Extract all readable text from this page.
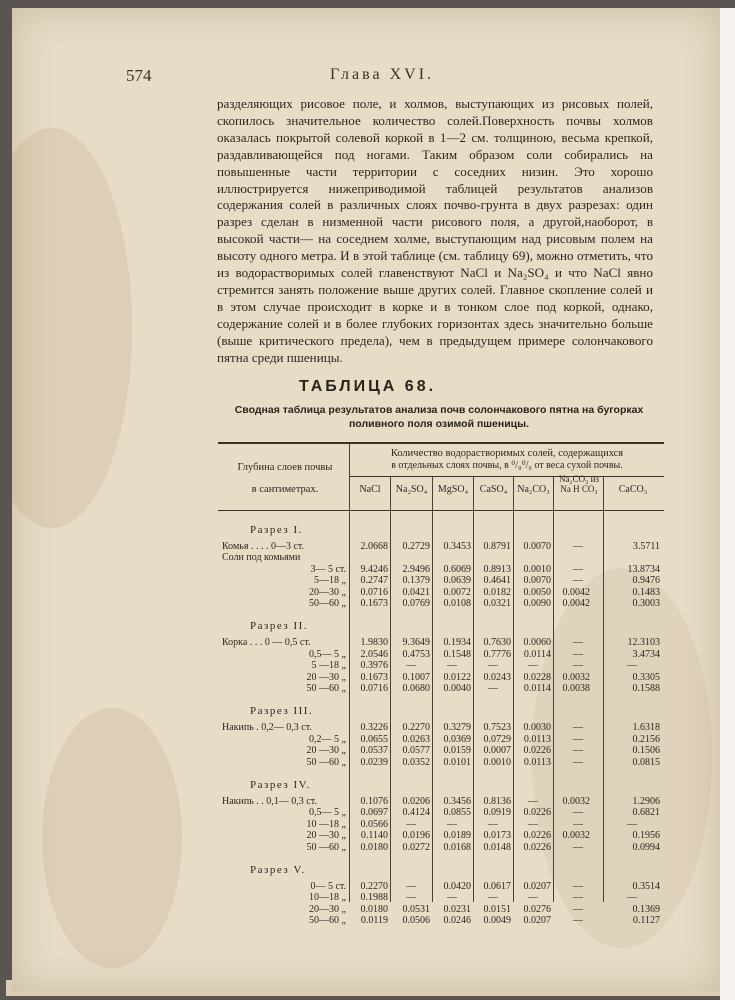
574	Глава XVI.

разделяющих рисовое поле, и холмов, выступающих из рисовых полей, скопилось значительное количество солей.Поверхность почвы холмов оказалась покрытой солевой коркой в 1—2 см. толщиною, весьма крепкой, раздавливающейся под ногами. Таким образом соли собирались на повышенные части территории с соседних низин. Это хорошо иллюстрируется нижеприводимой таблицей результатов анализов содержания солей в различных слоях почво-грунта в двух разрезах: один разрез сделан в низменной части рисового поля, а другой,наоборот, в высокой части— на соседнем холме, выступающим над рисовым полем на высоту одного метра. И в этой таблице (см. таблицу 69), можно отметить, что из водорастворимых солей главенствуют NaCl и Na₂SO₄ и что NaCl явно стремится занять положение выше других солей. Главное скопление солей и в этом случае происходит в корке и в тонком слое под коркой, однако, содержание солей и в более глубоких горизонтах здесь значительно больше (выше критического предела), чем в предыдущем примере солончакового пятна среди пшеницы.

ТАБЛИЦА 68.

Сводная таблица результатов анализа почв солончакового пятна на бугорках поливного поля озимой пшеницы.

Глубина слоев почвы
в сантиметрах.
Количество водорастворимых солей, содержащихся
в отдельных слоях почвы, в ⁰/₀⁰/₀ от веса сухой почвы.
NaCl	Na₂SO₄	MgSO₄	CaSO₄	Na₂CO₃
Na₂CO₃ из Na H CO₃	CaCO₃
Разрез I.
Комья . . . . 0—3 ст.	2.0668	0.2729	0.3453	0.8791	0.0070 —	3.5711
Соли под комьями
3— 5 ст.	9.4246	2.9496	0.6069	0.8913	0.0010 —	13.8734
5—18 „	0.2747	0.1379	0.0639	0.4641	0.0070 —	0.9476
20—30 „	0.0716	0.0421	0.0072	0.0182	0.0050	0.0042	0.1483
50—60 „	0.1673	0.0769	0.0108	0.0321	0.0090	0.0042	0.3003
Разрез II.
Корка . . . 0 — 0,5 ст.	1.9830	9.3649	0.1934	0.7630	0.0060 —	12.3103
0,5— 5 „	2.0546	0.4753	0.1548	0.7776	0.0114 —	3.4734
5 —18 „	0.3976 —	—	—	—	—	—
20 —30 „	0.1673	0.1007	0.0122	0.0243	0.0228	0.0032	0.3305
50 —60 „	0.0716	0.0680	0.0040 —	0.0114	0.0038	0.1588
Разрез III.
Накипь . 0,2— 0,3 ст.	0.3226	0.2270	0.3279	0.7523	0.0030 —	1.6318
0,2— 5 „	0.0655	0.0263	0.0369	0.0729	0.0113 —	0.2156
20 —30 „	0.0537	0.0577	0.0159	0.0007	0.0226 —	0.1506
50 —60 „	0.0239	0.0352	0.0101	0.0010	0.0113 —	0.0815
Разрез IV.
Накипь . . 0,1— 0,3 ст.	0.1076	0.0206	0.3456	0.8136 —	0.0032	1.2906
0,5— 5 „	0.0697	0.4124	0.0855	0.0919	0.0226 —	0.6821
10 —18 „	0.0566 —	—	—	—	—	—
20 —30 „	0.1140	0.0196	0.0189	0.0173	0.0226	0.0032	0.1956
50 —60 „	0.0180	0.0272	0.0168	0.0148	0.0226 —	0.0994
Разрез V.
0— 5 ст.	0.2270 —	0.0420	0.0617	0.0207 —	0.3514
10—18 „	0.1988 —	—	—	—	—	—
20—30 „	0.0180	0.0531	0.0231	0.0151	0.0276 —	0.1369
50—60 „	0.0119	0.0506	0.0246	0.0049	0.0207 —	0.1127
